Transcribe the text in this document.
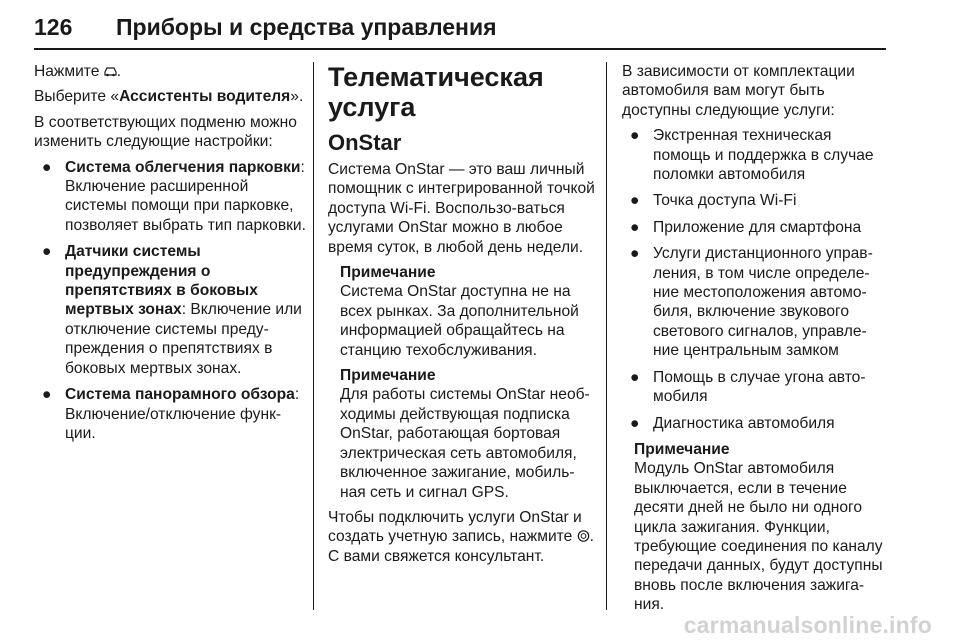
126 Приборы и средства управления

Нажмите .

Выберите «Ассистенты водителя».

В соответствующих подменю можно изменить следующие настройки:

● Система облегчения парковки: Включение расширенной системы помощи при парковке, позволяет выбрать тип парковки.
● Датчики системы предупреждения о препятствиях в боковых мертвых зонах: Включение или отключение системы преду-преждения о препятствиях в боковых мертвых зонах.
● Система панорамного обзора: Включение/отключение функ-ции.
Телематическая услуга
OnStar

Система OnStar — это ваш личный помощник с интегрированной точкой доступа Wi-Fi. Воспользо-ваться услугами OnStar можно в любое время суток, в любой день недели.

Примечание
Система OnStar доступна не на всех рынках. За дополнительной информацией обращайтесь на станцию техобслуживания.
Примечание
Для работы системы OnStar необ-ходимы действующая подписка OnStar, работающая бортовая электрическая сеть автомобиля, включенное зажигание, мобиль-ная сеть и сигнал GPS.

Чтобы подключить услуги OnStar и создать учетную запись, нажмите . С вами свяжется консультант.

В зависимости от комплектации автомобиля вам могут быть доступны следующие услуги:

● Экстренная техническая помощь и поддержка в случае поломки автомобиля
● Точка доступа Wi-Fi
● Приложение для смартфона
● Услуги дистанционного управ-ления, в том числе определе-ние местоположения автомо-биля, включение звукового светового сигналов, управле-ние центральным замком
● Помощь в случае угона авто-мобиля
● Диагностика автомобиля
Примечание
Модуль OnStar автомобиля выключается, если в течение десяти дней не было ни одного цикла зажигания. Функции, требующие соединения по каналу передачи данных, будут доступны вновь после включения зажига-ния.
carmanualsonline.info
